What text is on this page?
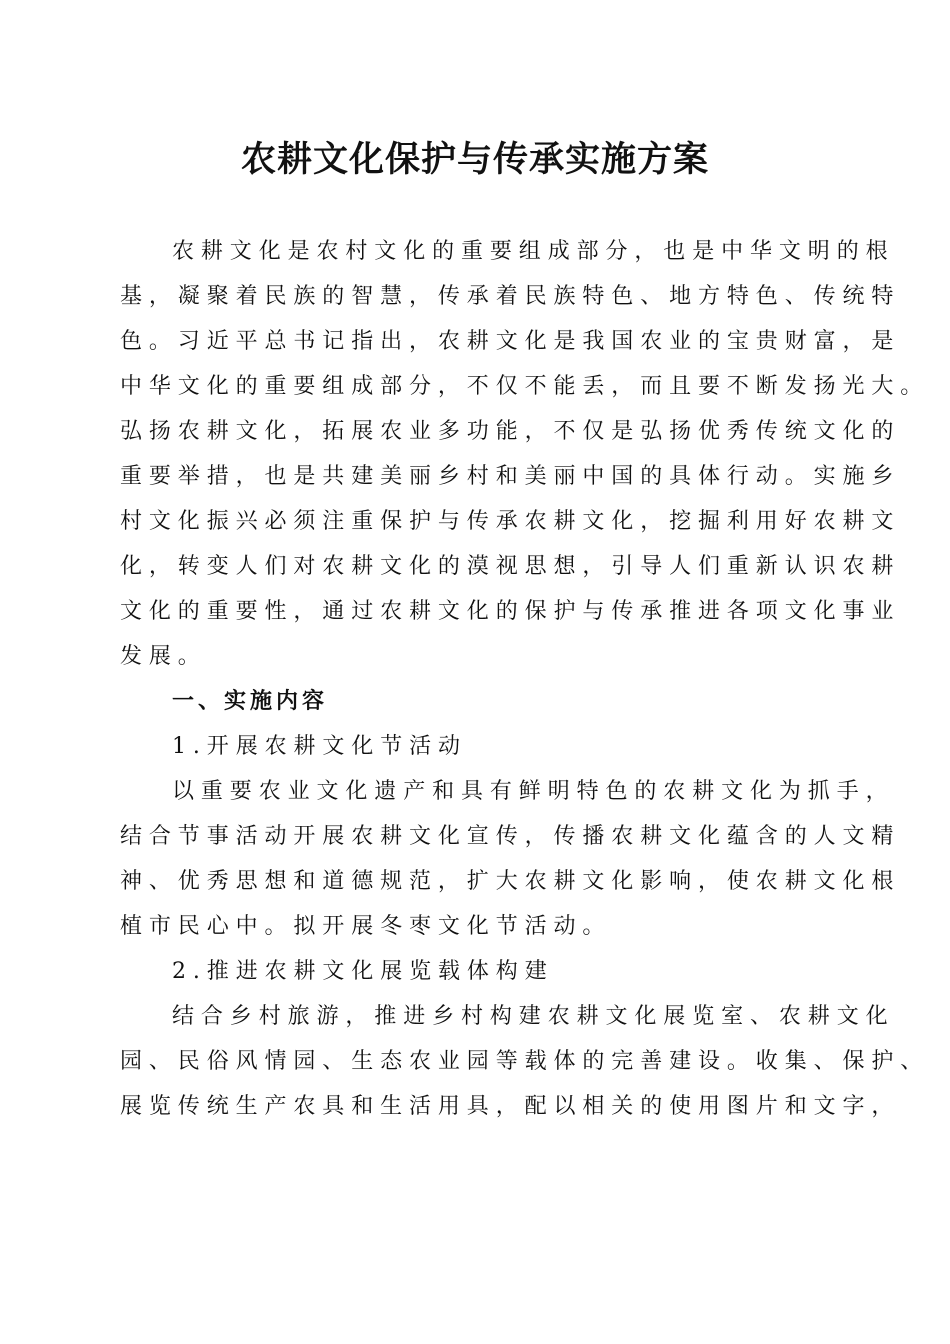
农耕文化保护与传承实施方案
农耕文化是农村文化的重要组成部分，也是中华文明的根
基，凝聚着民族的智慧，传承着民族特色、地方特色、传统特
色。习近平总书记指出，农耕文化是我国农业的宝贵财富，是
中华文化的重要组成部分，不仅不能丢，而且要不断发扬光大。
弘扬农耕文化，拓展农业多功能，不仅是弘扬优秀传统文化的
重要举措，也是共建美丽乡村和美丽中国的具体行动。实施乡
村文化振兴必须注重保护与传承农耕文化，挖掘利用好农耕文
化，转变人们对农耕文化的漠视思想，引导人们重新认识农耕
文化的重要性，通过农耕文化的保护与传承推进各项文化事业
发展。
一、实施内容
1.开展农耕文化节活动
以重要农业文化遗产和具有鲜明特色的农耕文化为抓手，
结合节事活动开展农耕文化宣传，传播农耕文化蕴含的人文精
神、优秀思想和道德规范，扩大农耕文化影响，使农耕文化根
植市民心中。拟开展冬枣文化节活动。
2.推进农耕文化展览载体构建
结合乡村旅游，推进乡村构建农耕文化展览室、农耕文化
园、民俗风情园、生态农业园等载体的完善建设。收集、保护、
展览传统生产农具和生活用具，配以相关的使用图片和文字，
